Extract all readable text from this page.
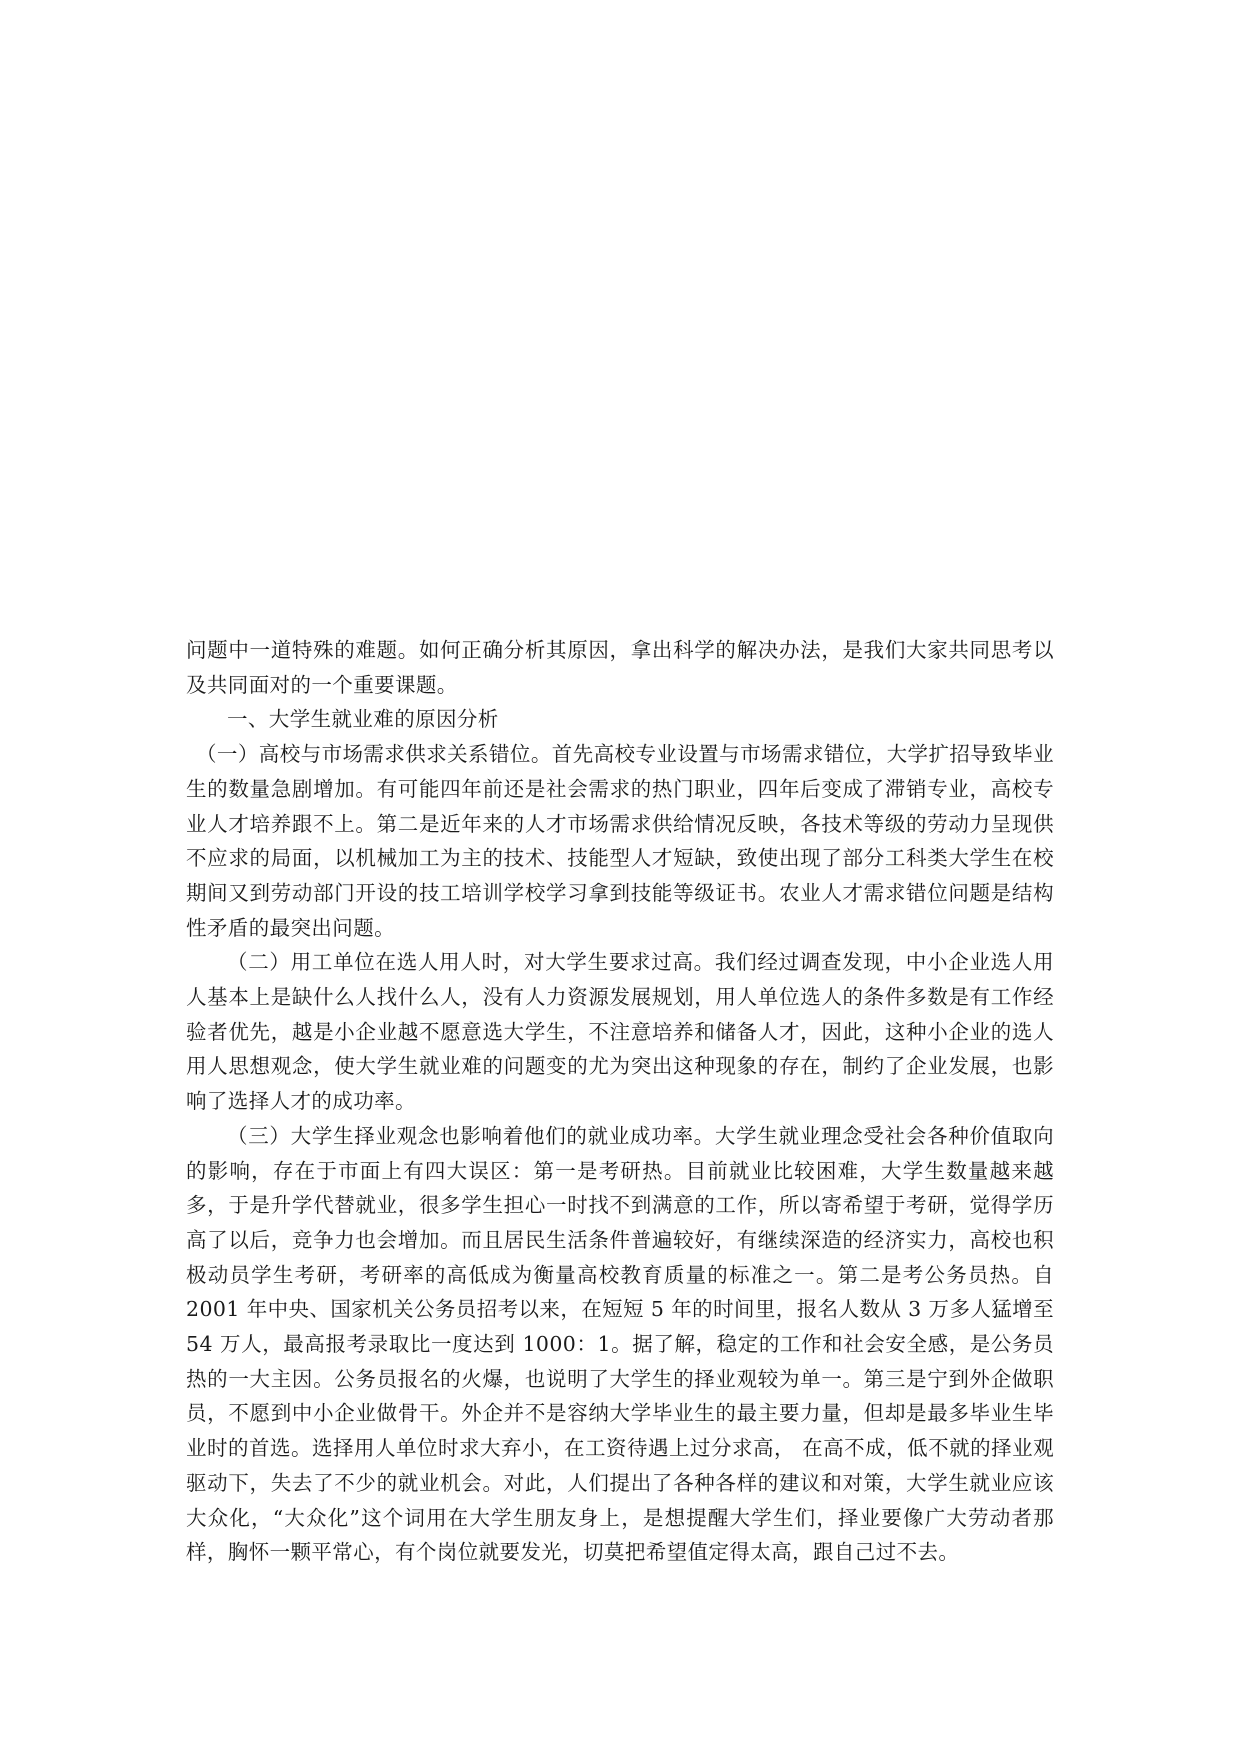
问题中一道特殊的难题。如何正确分析其原因，拿出科学的解决办法，是我们大家共同思考以及共同面对的一个重要课题。

一、大学生就业难的原因分析

（一）高校与市场需求供求关系错位。首先高校专业设置与市场需求错位，大学扩招导致毕业生的数量急剧增加。有可能四年前还是社会需求的热门职业，四年后变成了滞销专业，高校专业人才培养跟不上。第二是近年来的人才市场需求供给情况反映，各技术等级的劳动力呈现供不应求的局面，以机械加工为主的技术、技能型人才短缺，致使出现了部分工科类大学生在校期间又到劳动部门开设的技工培训学校学习拿到技能等级证书。农业人才需求错位问题是结构性矛盾的最突出问题。

（二）用工单位在选人用人时，对大学生要求过高。我们经过调查发现，中小企业选人用人基本上是缺什么人找什么人，没有人力资源发展规划，用人单位选人的条件多数是有工作经验者优先，越是小企业越不愿意选大学生，不注意培养和储备人才，因此，这种小企业的选人用人思想观念，使大学生就业难的问题变的尤为突出这种现象的存在，制约了企业发展，也影响了选择人才的成功率。

（三）大学生择业观念也影响着他们的就业成功率。大学生就业理念受社会各种价值取向的影响，存在于市面上有四大误区：第一是考研热。目前就业比较困难，大学生数量越来越多，于是升学代替就业，很多学生担心一时找不到满意的工作，所以寄希望于考研，觉得学历高了以后，竞争力也会增加。而且居民生活条件普遍较好，有继续深造的经济实力，高校也积极动员学生考研，考研率的高低成为衡量高校教育质量的标准之一。第二是考公务员热。自 2001 年中央、国家机关公务员招考以来，在短短 5 年的时间里，报名人数从 3 万多人猛增至 54 万人，最高报考录取比一度达到 1000：1。据了解，稳定的工作和社会安全感，是公务员热的一大主因。公务员报名的火爆，也说明了大学生的择业观较为单一。第三是宁到外企做职员，不愿到中小企业做骨干。外企并不是容纳大学毕业生的最主要力量，但却是最多毕业生毕业时的首选。选择用人单位时求大弃小，在工资待遇上过分求高， 在高不成，低不就的择业观驱动下，失去了不少的就业机会。对此，人们提出了各种各样的建议和对策，大学生就业应该大众化，“大众化”这个词用在大学生朋友身上，是想提醒大学生们，择业要像广大劳动者那样，胸怀一颗平常心，有个岗位就要发光，切莫把希望值定得太高，跟自己过不去。
